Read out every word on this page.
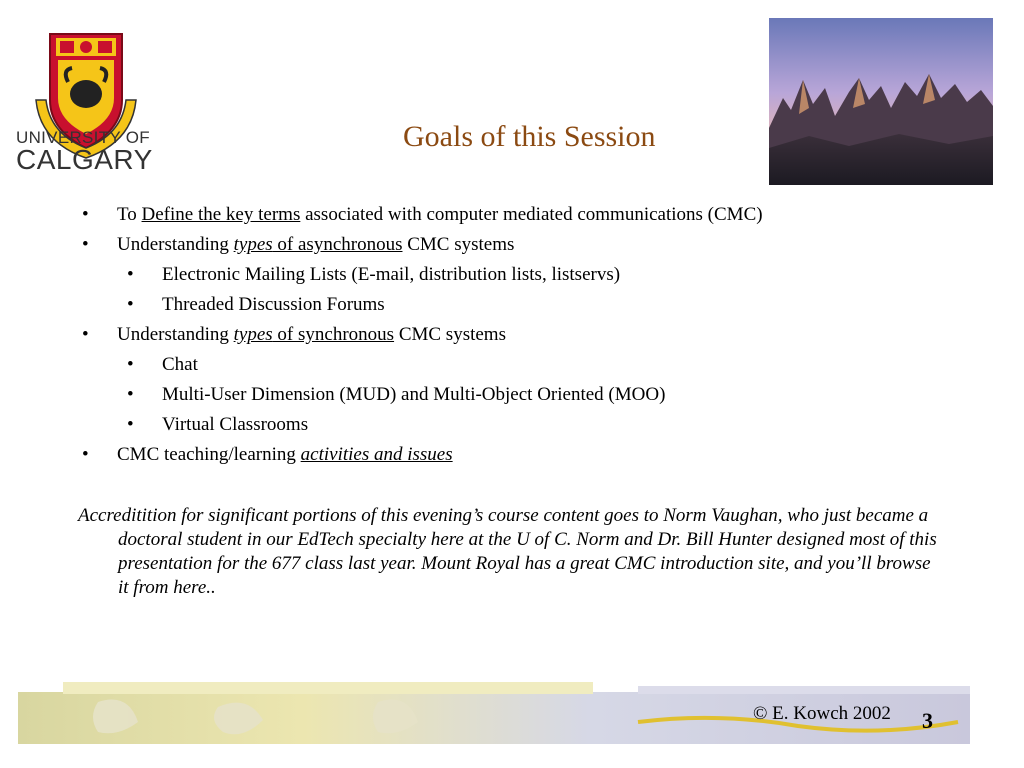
UNIVERSITY OF
CALGARY
Goals of this Session
• To Define the key terms associated with computer mediated communications (CMC)
• Understanding types of asynchronous CMC systems
• Electronic Mailing Lists (E-mail, distribution lists, listservs)
• Threaded Discussion Forums
• Understanding types of synchronous CMC systems
• Chat
• Multi-User Dimension (MUD) and Multi-Object Oriented (MOO)
• Virtual Classrooms
• CMC teaching/learning activities and issues

Accreditition for significant portions of this evening’s course content goes to Norm Vaughan, who just became a doctoral student in our EdTech specialty here at the U of C. Norm and Dr. Bill Hunter designed most of this presentation for the 677 class last year. Mount Royal has a great CMC introduction site, and you’ll browse it from here..

© E. Kowch 2002 3
